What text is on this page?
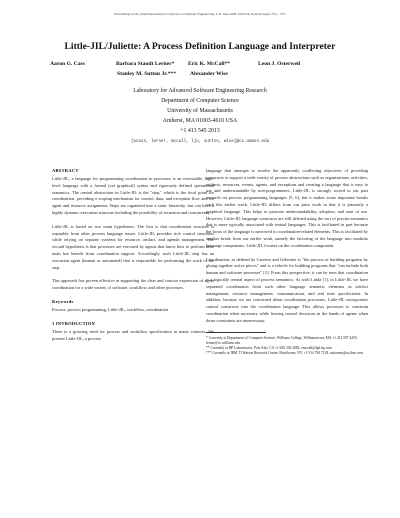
Proceedings of the 22nd International Conference on Software Engineering, 4-11 June 2000, Limerick, Ireland, Pages 754 -- 757.
Little-JIL/Juliette: A Process Definition Language and Interpreter
Aaron G. Cass	Barbara Staudt Lerner* Eric K. McCall**	Leon J. Osterweil
Stanley M. Sutton Jr.***	Alexander Wise
Laboratory for Advanced Software Engineering Research
Department of Computer Science
University of Massachusetts
Amherst, MA 01003-4610 USA
+1 413 545 2013
{acass, lerner, mccall, ljo, sutton, wise}@cs.umass.edu
ABSTRACT

Little-JIL, a language for programming coordination in processes is an executable, high-level language with a formal (yet graphical) syntax and rigorously defined operational semantics. The central abstraction in Little-JIL is the "step," which is the focal point for coordination, providing a scoping mechanism for control, data, and exception flow and for agent and resource assignment. Steps are organized into a static hierarchy, but can have a highly dynamic execution structure including the possibility of recursion and concurrency.

Little-JIL is based on two main hypotheses. The first is that coordination structure is separable from other process language issues. Little-JIL provides rich control structures while relying on separate systems for resource, artifact, and agenda management. The second hypothesis is that processes are executed by agents that know how to perform their tasks but benefit from coordination support. Accordingly, each Little-JIL step has an execution agent (human or automated) that is responsible for performing the work of the step.

This approach has proven effective in supporting the clear and concise expression of agent coordination for a wide variety of software, workflow, and other processes.

Keywords
Process, process programming, Little-JIL, workflow, coordination
1 INTRODUCTION

There is a growing need for process and workflow specification in many contexts. We present Little-JIL, a process

language that attempts to resolve the apparently conflicting objectives of providing constructs to support a wide variety of process abstractions such as organizations, activities, artifacts, resources, events, agents, and exceptions and creating a language that is easy to use and understandable by non-programmers. Little-JIL is strongly rooted in our past research on process programming languages [5, 6], but it makes some important breaks with this earlier work. Little-JIL differs from our prior work in that it is primarily a graphical language. This helps to promote understandability, adoption, and ease of use. However, Little-JIL language constructs are still defined using the sort of precise semantics that is more typically associated with textual languages. This is facilitated in part because the focus of the language is narrowed to coordination-related elements. This is facilitated by another break from our earlier work, namely the factoring of the language into modular language components. Little-JIL focuses on the coordination component.

Coordination, as defined by Carriero and Gelernter is "the process of building programs by gluing together active pieces" and is a vehicle for building programs that "can include both human and software processes" [1]. From this perspective, it can be seen that coordination is a logically central aspect of process semantics. As with Linda [1], in Little-JIL we have separated coordination from such other language semantic elements as artifact management, resource management, communication, and real time specification. In addition, because we are concerned about coordination processes, Little-JIL incorporates control constructs into the coordination language. This allows processes to constrain coordination when necessary while leaving control decisions in the hands of agents when those constraints are unnecessary.

* Currently at Department of Computer Science, Williams College, Williamstown, MA +1 413 597 4255; lerner@cs.williams.edu
** Currently at HP Laboratories, Palo Alto, CA +1 650 236 2882, emccall@hpl.hp.com
*** Currently at IBM TJ Watson Research Center, Hawthorne, NY, +1 914 784 7128, suttonsm@us.ibm.com
